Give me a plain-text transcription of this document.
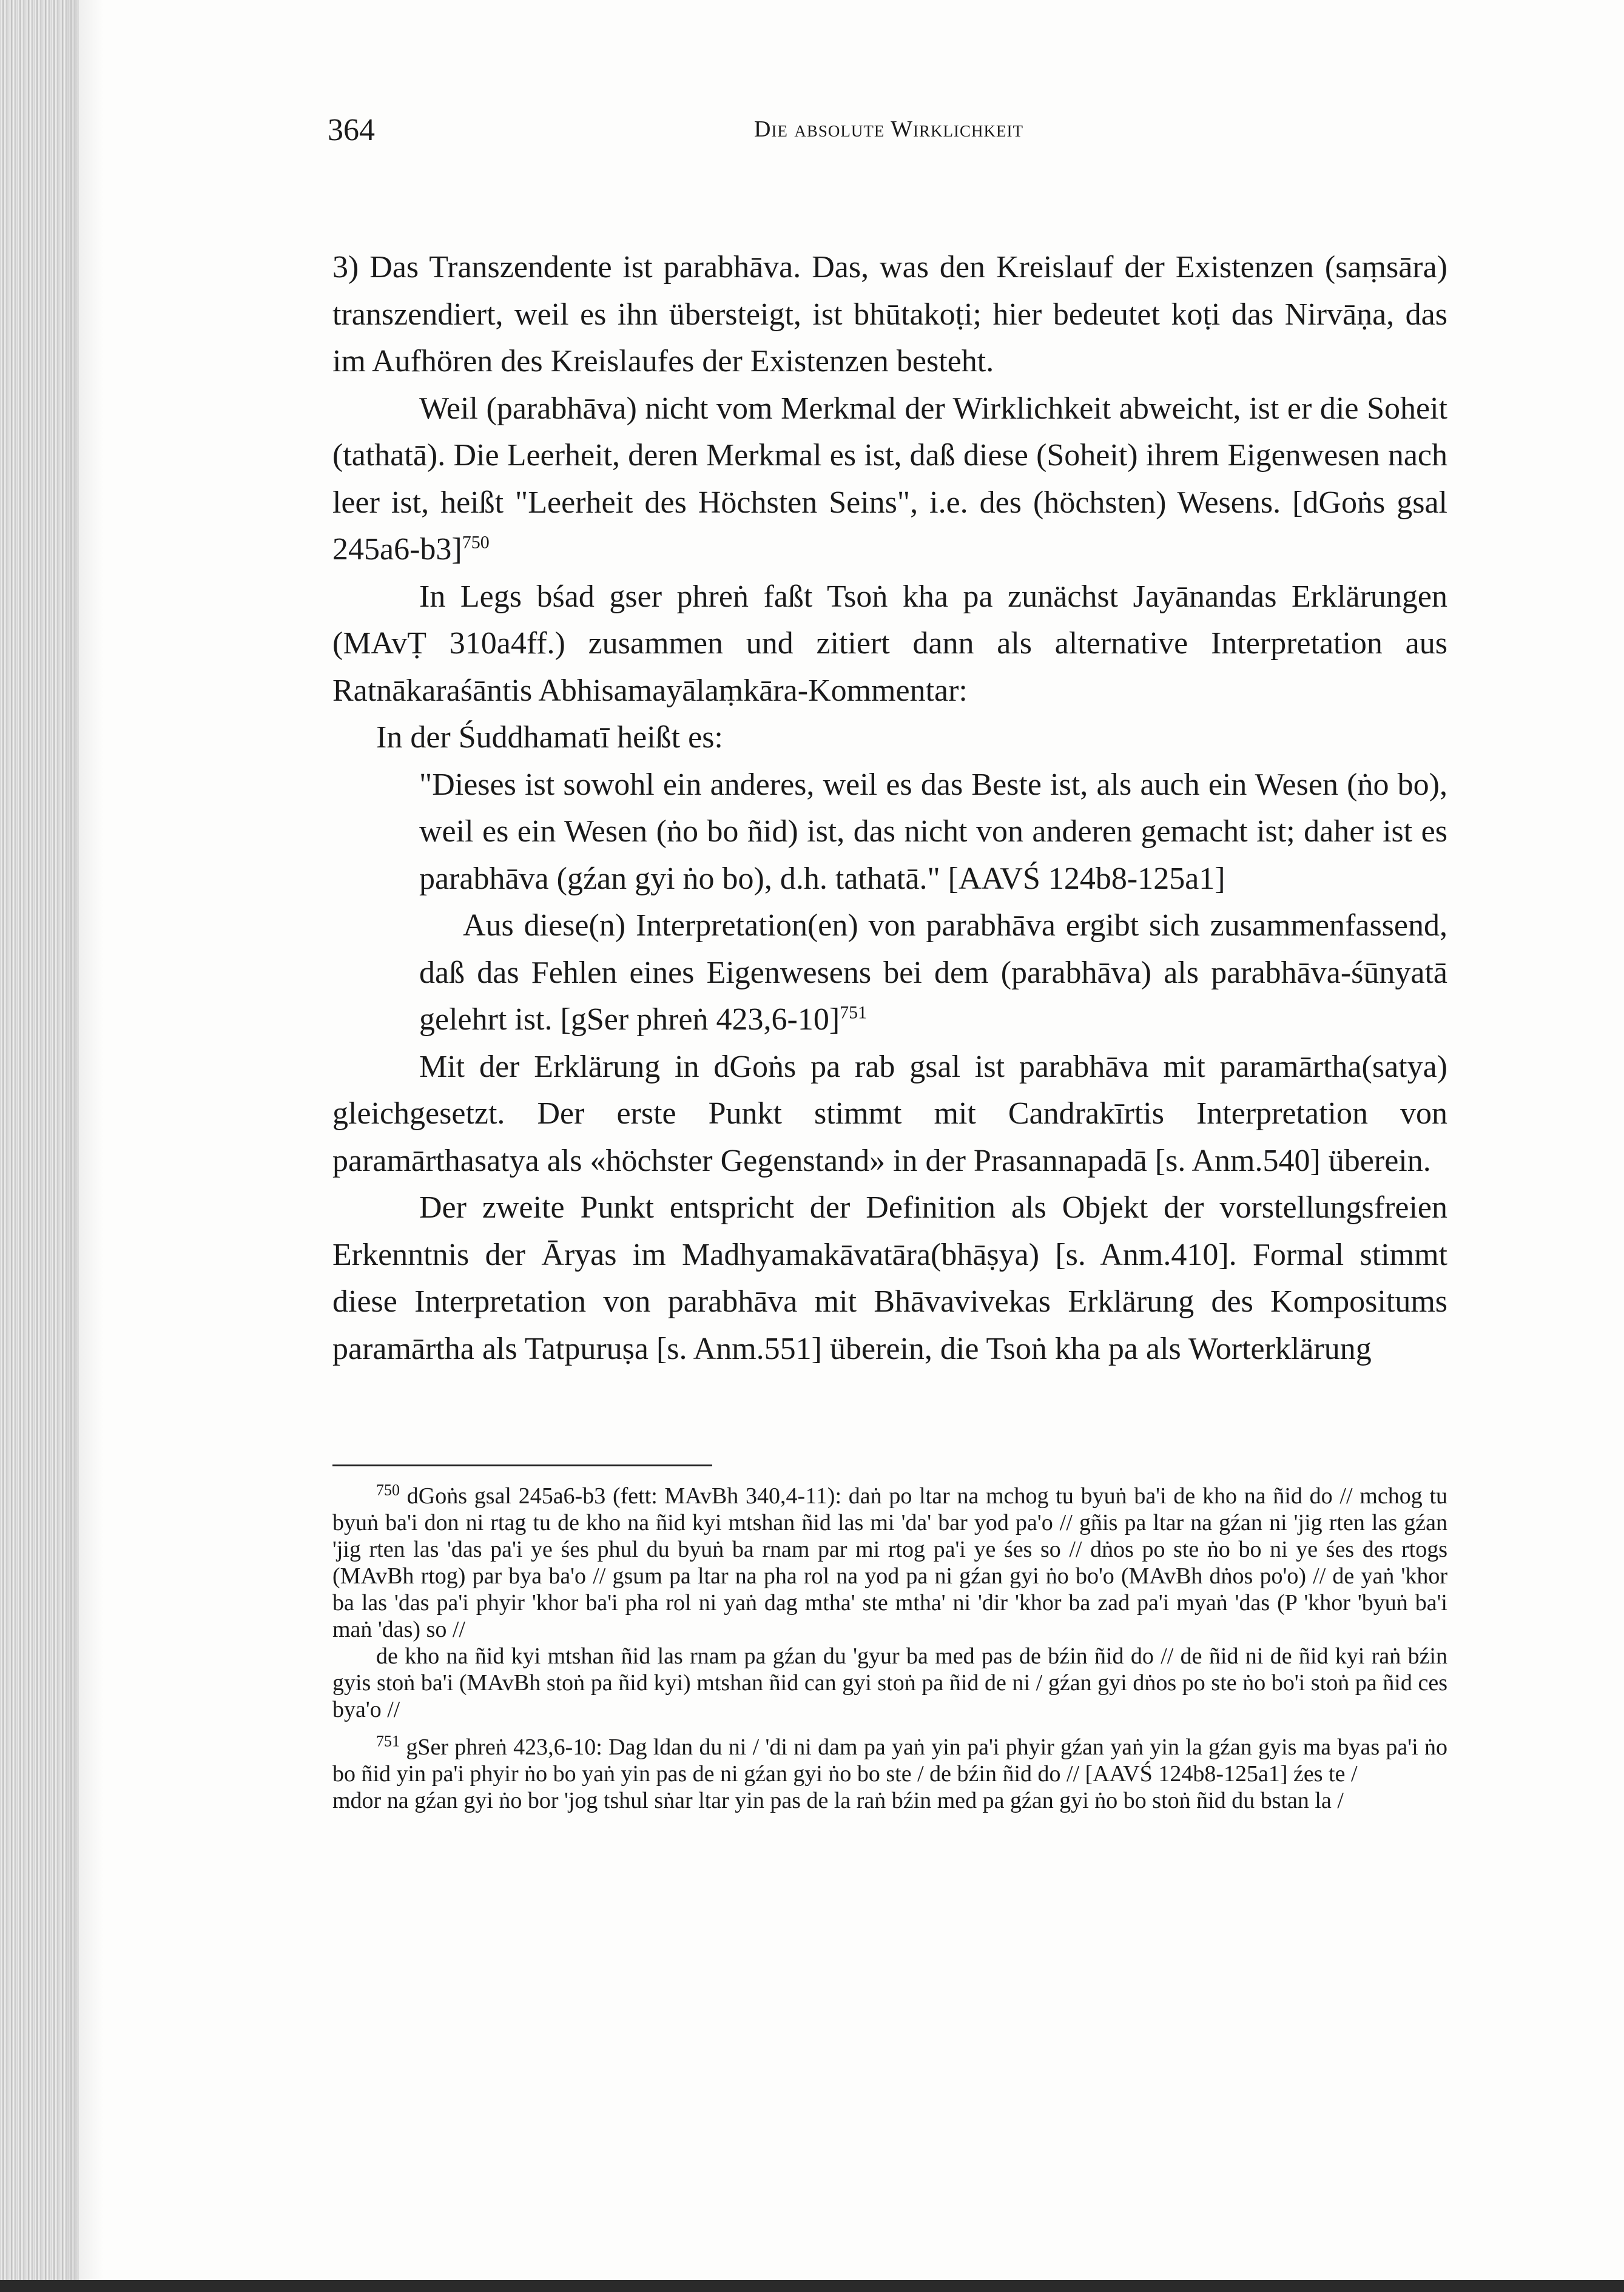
364	Die absolute Wirklichkeit

3) Das Transzendente ist parabhāva. Das, was den Kreislauf der Existenzen (saṃsāra) transzendiert, weil es ihn übersteigt, ist bhūtakoṭi; hier bedeutet koṭi das Nirvāṇa, das im Aufhören des Kreislaufes der Existenzen besteht.

Weil (parabhāva) nicht vom Merkmal der Wirklichkeit abweicht, ist er die Soheit (tathatā). Die Leerheit, deren Merkmal es ist, daß diese (Soheit) ihrem Eigenwesen nach leer ist, heißt "Leerheit des Höchsten Seins", i.e. des (höchsten) Wesens. [dGoṅs gsal 245a6-b3]$^{750}$

In Legs bśad gser phreṅ faßt Tsoṅ kha pa zunächst Jayānandas Erklärungen (MAvṬ 310a4ff.) zusammen und zitiert dann als alternative Interpretation aus Ratnākaraśāntis Abhisamayālaṃkāra-Kommentar:

In der Śuddhamatī heißt es:

"Dieses ist sowohl ein anderes, weil es das Beste ist, als auch ein Wesen (ṅo bo), weil es ein Wesen (ṅo bo ñid) ist, das nicht von anderen gemacht ist; daher ist es parabhāva (gźan gyi ṅo bo), d.h. tathatā." [AAVŚ 124b8-125a1]

Aus diese(n) Interpretation(en) von parabhāva ergibt sich zusammenfassend, daß das Fehlen eines Eigenwesens bei dem (parabhāva) als parabhāva-śūnyatā gelehrt ist. [gSer phreṅ 423,6-10]$^{751}$

Mit der Erklärung in dGoṅs pa rab gsal ist parabhāva mit paramārtha(satya) gleichgesetzt. Der erste Punkt stimmt mit Candrakīrtis Interpretation von paramārthasatya als «höchster Gegenstand» in der Prasannapadā [s. Anm.540] überein.

Der zweite Punkt entspricht der Definition als Objekt der vorstellungsfreien Erkenntnis der Āryas im Madhyamakāvatāra(bhāṣya) [s. Anm.410]. Formal stimmt diese Interpretation von parabhāva mit Bhāvavivekas Erklärung des Kompositums paramārtha als Tatpuruṣa [s. Anm.551] überein, die Tsoṅ kha pa als Worterklärung

$^{750}$ dGoṅs gsal 245a6-b3 (fett: MAvBh 340,4-11): daṅ po ltar na mchog tu byuṅ ba'i de kho na ñid do // mchog tu byuṅ ba'i don ni rtag tu de kho na ñid kyi mtshan ñid las mi 'da' bar yod pa'o // gñis pa ltar na gźan ni 'jig rten las gźan 'jig rten las 'das pa'i ye śes phul du byuṅ ba rnam par mi rtog pa'i ye śes so // dṅos po ste ṅo bo ni ye śes des rtogs (MAvBh rtog) par bya ba'o // gsum pa ltar na pha rol na yod pa ni gźan gyi ṅo bo'o (MAvBh dṅos po'o) // de yaṅ 'khor ba las 'das pa'i phyir 'khor ba'i pha rol ni yaṅ dag mtha' ste mtha' ni 'dir 'khor ba zad pa'i myaṅ 'das (P 'khor 'byuṅ ba'i maṅ 'das) so //

de kho na ñid kyi mtshan ñid las rnam pa gźan du 'gyur ba med pas de bźin ñid do // de ñid ni de ñid kyi raṅ bźin gyis stoṅ ba'i (MAvBh stoṅ pa ñid kyi) mtshan ñid can gyi stoṅ pa ñid de ni / gźan gyi dṅos po ste ṅo bo'i stoṅ pa ñid ces bya'o //

$^{751}$ gSer phreṅ 423,6-10: Dag ldan du ni / 'di ni dam pa yaṅ yin pa'i phyir gźan yaṅ yin la gźan gyis ma byas pa'i ṅo bo ñid yin pa'i phyir ṅo bo yaṅ yin pas de ni gźan gyi ṅo bo ste / de bźin ñid do // [AAVŚ 124b8-125a1] źes te /

mdor na gźan gyi ṅo bor 'jog tshul sṅar ltar yin pas de la raṅ bźin med pa gźan gyi ṅo bo stoṅ ñid du bstan la /
